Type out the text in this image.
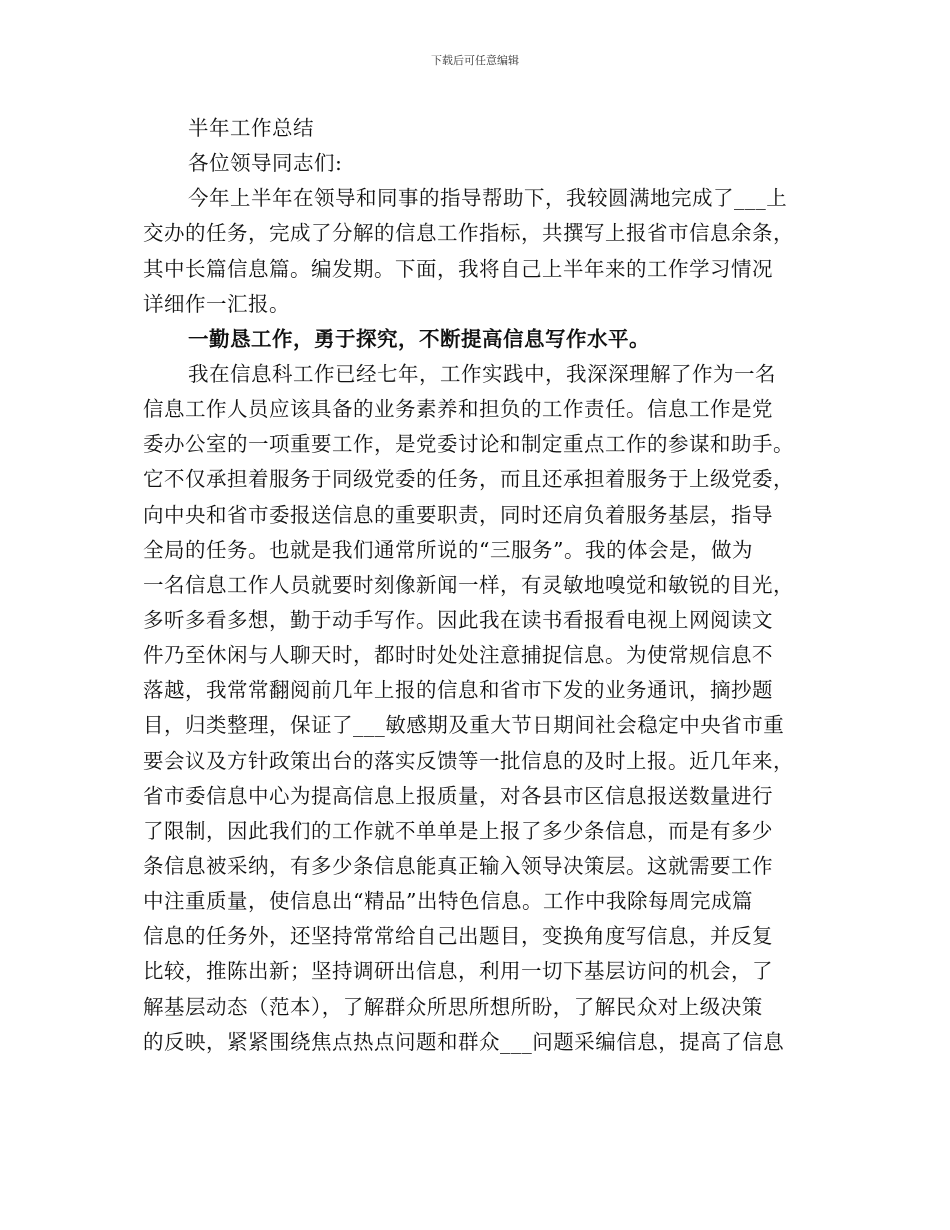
下载后可任意编辑
半年工作总结
各位领导同志们:
今年上半年在领导和同事的指导帮助下，我较圆满地完成了___上
交办的任务，完成了分解的信息工作指标，共撰写上报省市信息余条，
其中长篇信息篇。编发期。下面，我将自己上半年来的工作学习情况
详细作一汇报。
一勤恳工作，勇于探究，不断提高信息写作水平。
我在信息科工作已经七年，工作实践中，我深深理解了作为一名
信息工作人员应该具备的业务素养和担负的工作责任。信息工作是党
委办公室的一项重要工作，是党委讨论和制定重点工作的参谋和助手。
它不仅承担着服务于同级党委的任务，而且还承担着服务于上级党委，
向中央和省市委报送信息的重要职责，同时还肩负着服务基层，指导
全局的任务。也就是我们通常所说的“三服务”。我的体会是，做为
一名信息工作人员就要时刻像新闻一样，有灵敏地嗅觉和敏锐的目光，
多听多看多想，勤于动手写作。因此我在读书看报看电视上网阅读文
件乃至休闲与人聊天时，都时时处处注意捕捉信息。为使常规信息不
落越，我常常翻阅前几年上报的信息和省市下发的业务通讯，摘抄题
目，归类整理，保证了___敏感期及重大节日期间社会稳定中央省市重
要会议及方针政策出台的落实反馈等一批信息的及时上报。近几年来，
省市委信息中心为提高信息上报质量，对各县市区信息报送数量进行
了限制，因此我们的工作就不单单是上报了多少条信息，而是有多少
条信息被采纳，有多少条信息能真正输入领导决策层。这就需要工作
中注重质量，使信息出“精品”出特色信息。工作中我除每周完成篇
信息的任务外，还坚持常常给自己出题目，变换角度写信息，并反复
比较，推陈出新；坚持调研出信息，利用一切下基层访问的机会，了
解基层动态（范本），了解群众所思所想所盼，了解民众对上级决策
的反映，紧紧围绕焦点热点问题和群众___问题采编信息，提高了信息
